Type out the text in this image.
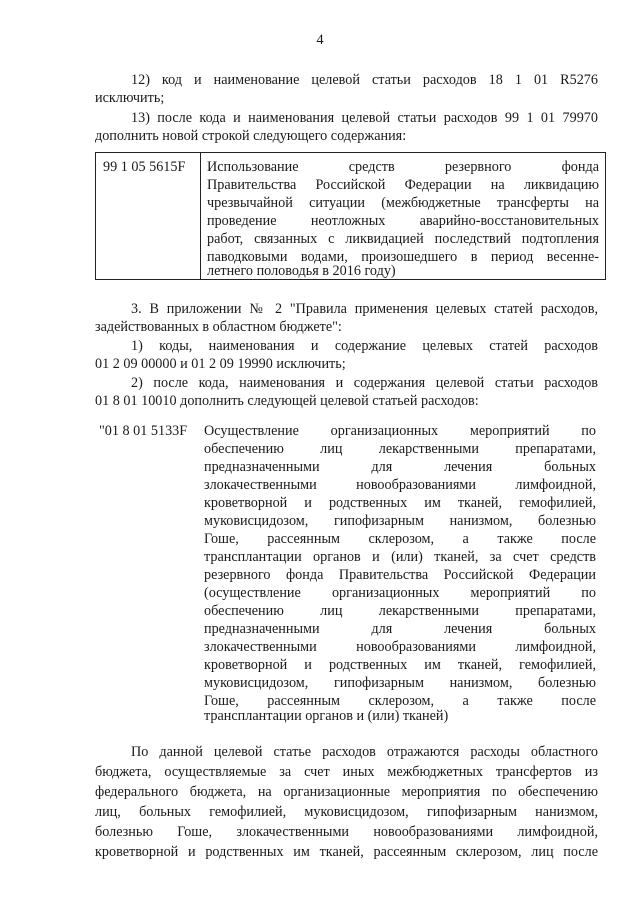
4
12) код и наименование целевой статьи расходов 18 1 01 R5276
исключить;
13) после кода и наименования целевой статьи расходов 99 1 01 79970
дополнить новой строкой следующего содержания:
99 1 05 5615F Использование средств резервного фонда
Правительства Российской Федерации на ликвидацию
чрезвычайной ситуации (межбюджетные трансферты на
проведение неотложных аварийно-восстановительных
работ, связанных с ликвидацией последствий подтопления
паводковыми водами, произошедшего в период весенне-
летнего половодья в 2016 году)
3. В приложении № 2 "Правила применения целевых статей расходов,
задействованных в областном бюджете":
1) коды, наименования и содержание целевых статей расходов
01 2 09 00000 и 01 2 09 19990 исключить;
2) после кода, наименования и содержания целевой статьи расходов
01 8 01 10010 дополнить следующей целевой статьей расходов:
"01 8 01 5133F Осуществление организационных мероприятий по
обеспечению лиц лекарственными препаратами,
предназначенными для лечения больных
злокачественными новообразованиями лимфоидной,
кроветворной и родственных им тканей, гемофилией,
муковисцидозом, гипофизарным нанизмом, болезнью
Гоше, рассеянным склерозом, а также после
трансплантации органов и (или) тканей, за счет средств
резервного фонда Правительства Российской Федерации
(осуществление организационных мероприятий по
обеспечению лиц лекарственными препаратами,
предназначенными для лечения больных
злокачественными новообразованиями лимфоидной,
кроветворной и родственных им тканей, гемофилией,
муковисцидозом, гипофизарным нанизмом, болезнью
Гоше, рассеянным склерозом, а также после
трансплантации органов и (или) тканей)
По данной целевой статье расходов отражаются расходы областного
бюджета, осуществляемые за счет иных межбюджетных трансфертов из
федерального бюджета, на организационные мероприятия по обеспечению
лиц, больных гемофилией, муковисцидозом, гипофизарным нанизмом,
болезнью Гоше, злокачественными новообразованиями лимфоидной,
кроветворной и родственных им тканей, рассеянным склерозом, лиц после
